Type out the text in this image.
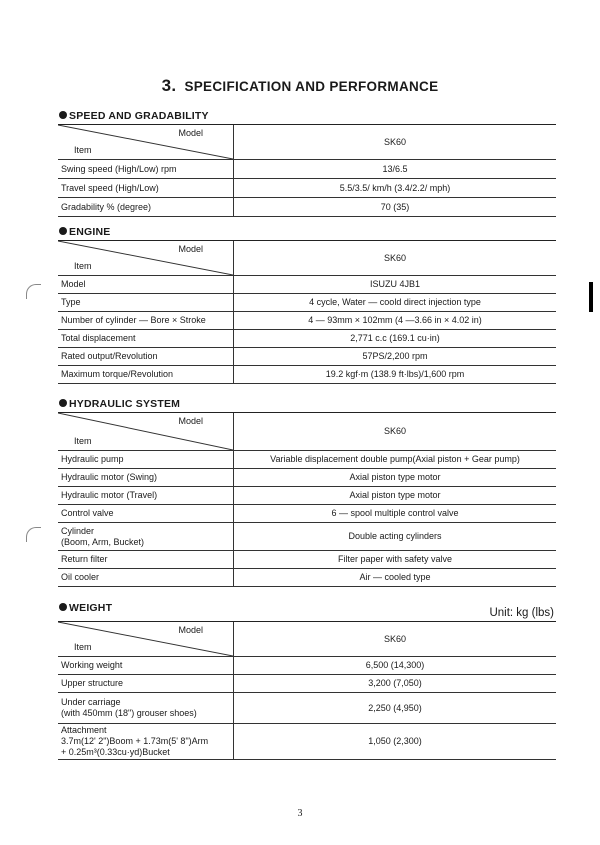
3. SPECIFICATION AND PERFORMANCE
SPEED AND GRADABILITY
Model
Item	SK60
Swing speed (High/Low) rpm	13/6.5
Travel speed (High/Low)	5.5/3.5/ km/h (3.4/2.2/ mph)
Gradability % (degree)	70 (35)
ENGINE
Model
Item	SK60
Model	ISUZU 4JB1
Type	4 cycle, Water — coold direct injection type
Number of cylinder — Bore × Stroke	4 — 93mm × 102mm (4 —3.66 in × 4.02 in)
Total displacement	2,771 c.c (169.1 cu·in)
Rated output/Revolution	57PS/2,200 rpm
Maximum torque/Revolution	19.2 kgf·m (138.9 ft·lbs)/1,600 rpm
HYDRAULIC SYSTEM
Model
Item	SK60
Hydraulic pump	Variable displacement double pump(Axial piston + Gear pump)
Hydraulic motor (Swing)	Axial piston type motor
Hydraulic motor (Travel)	Axial piston type motor
Control valve	6 — spool multiple control valve
Cylinder
(Boom, Arm, Bucket)	Double acting cylinders
Return filter	Filter paper with safety valve
Oil cooler	Air — cooled type
WEIGHT	Unit: kg (lbs)
Model
Item	SK60
Working weight	6,500 (14,300)
Upper structure	3,200 (7,050)
Under carriage
(with 450mm (18") grouser shoes)	2,250 (4,950)
Attachment
3.7m(12' 2")Boom + 1.73m(5' 8")Arm
+ 0.25m³(0.33cu·yd)Bucket	1,050 (2,300)
3
